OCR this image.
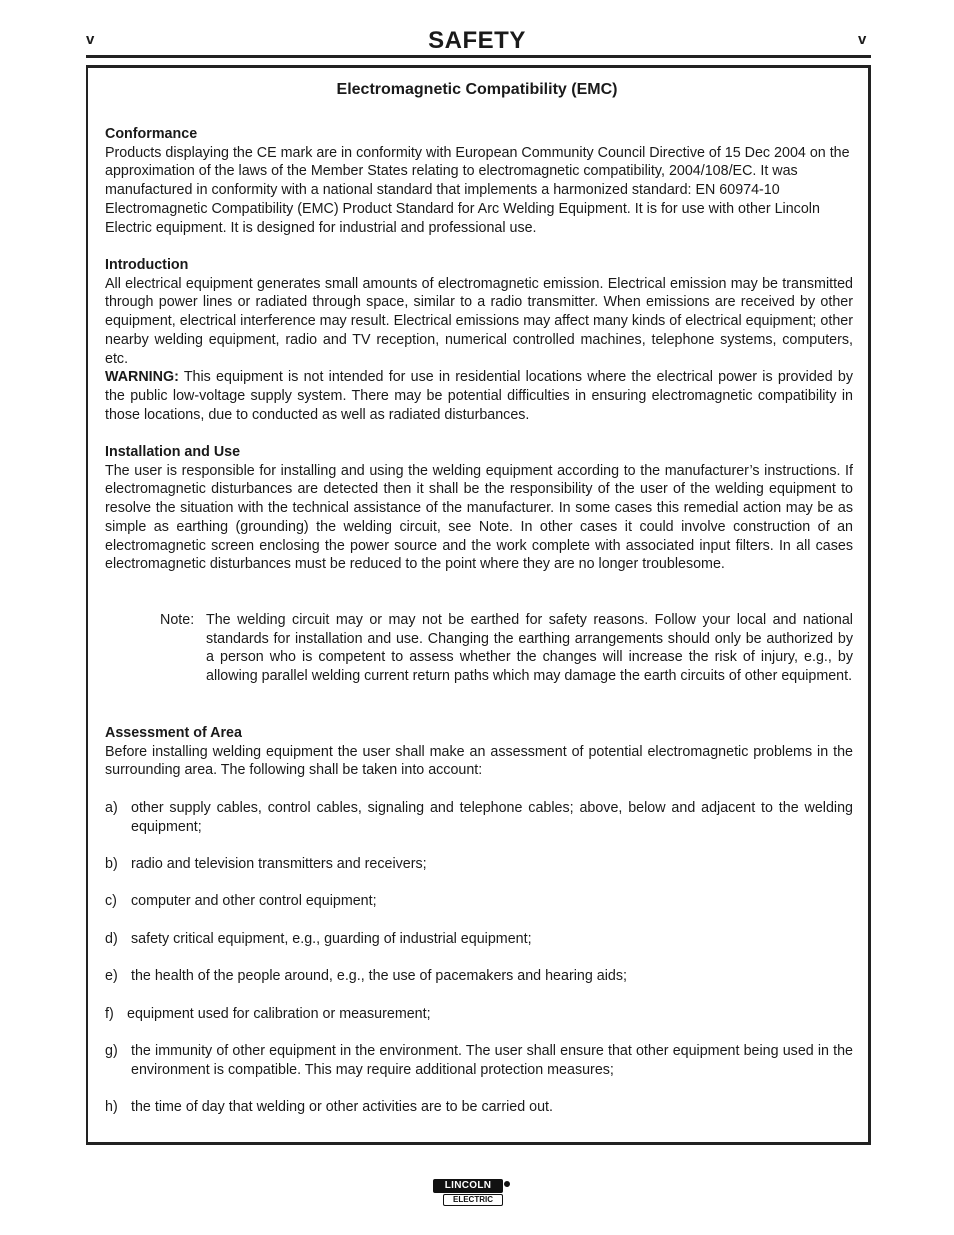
v	SAFETY	v
Electromagnetic Compatibility (EMC)
Conformance
Products displaying the CE mark are in conformity with European Community Council Directive of 15 Dec 2004 on the approximation of the laws of the Member States relating to electromagnetic compatibility, 2004/108/EC. It was manufactured in conformity with a national standard that implements a harmonized standard: EN 60974-10 Electromagnetic Compatibility (EMC) Product Standard for Arc Welding Equipment. It is for use with other Lincoln Electric equipment. It is designed for industrial and professional use.
Introduction
All electrical equipment generates small amounts of electromagnetic emission. Electrical emission may be transmitted through power lines or radiated through space, similar to a radio transmitter. When emissions are received by other equipment, electrical interference may result. Electrical emissions may affect many kinds of electrical equipment; other nearby welding equipment, radio and TV reception, numerical controlled machines, telephone systems, computers, etc.
WARNING: This equipment is not intended for use in residential locations where the electrical power is provided by the public low-voltage supply system. There may be potential difficulties in ensuring electromagnetic compatibility in those locations, due to conducted as well as radiated disturbances.
Installation and Use
The user is responsible for installing and using the welding equipment according to the manufacturer’s instructions. If electromagnetic disturbances are detected then it shall be the responsibility of the user of the welding equipment to resolve the situation with the technical assistance of the manufacturer. In some cases this remedial action may be as simple as earthing (grounding) the welding circuit, see Note. In other cases it could involve construction of an electromagnetic screen enclosing the power source and the work complete with associated input filters. In all cases electromagnetic disturbances must be reduced to the point where they are no longer troublesome.
Note: The welding circuit may or may not be earthed for safety reasons. Follow your local and national standards for installation and use. Changing the earthing arrangements should only be authorized by a person who is competent to assess whether the changes will increase the risk of injury, e.g., by allowing parallel welding current return paths which may damage the earth circuits of other equipment.
Assessment of Area
Before installing welding equipment the user shall make an assessment of potential electromagnetic problems in the surrounding area. The following shall be taken into account:
a) other supply cables, control cables, signaling and telephone cables; above, below and adjacent to the welding equipment;
b) radio and television transmitters and receivers;
c) computer and other control equipment;
d) safety critical equipment, e.g., guarding of industrial equipment;
e) the health of the people around, e.g., the use of pacemakers and hearing aids;
f) equipment used for calibration or measurement;
g) the immunity of other equipment in the environment. The user shall ensure that other equipment being used in the environment is compatible. This may require additional protection measures;
h) the time of day that welding or other activities are to be carried out.
LINCOLN
ELECTRIC
